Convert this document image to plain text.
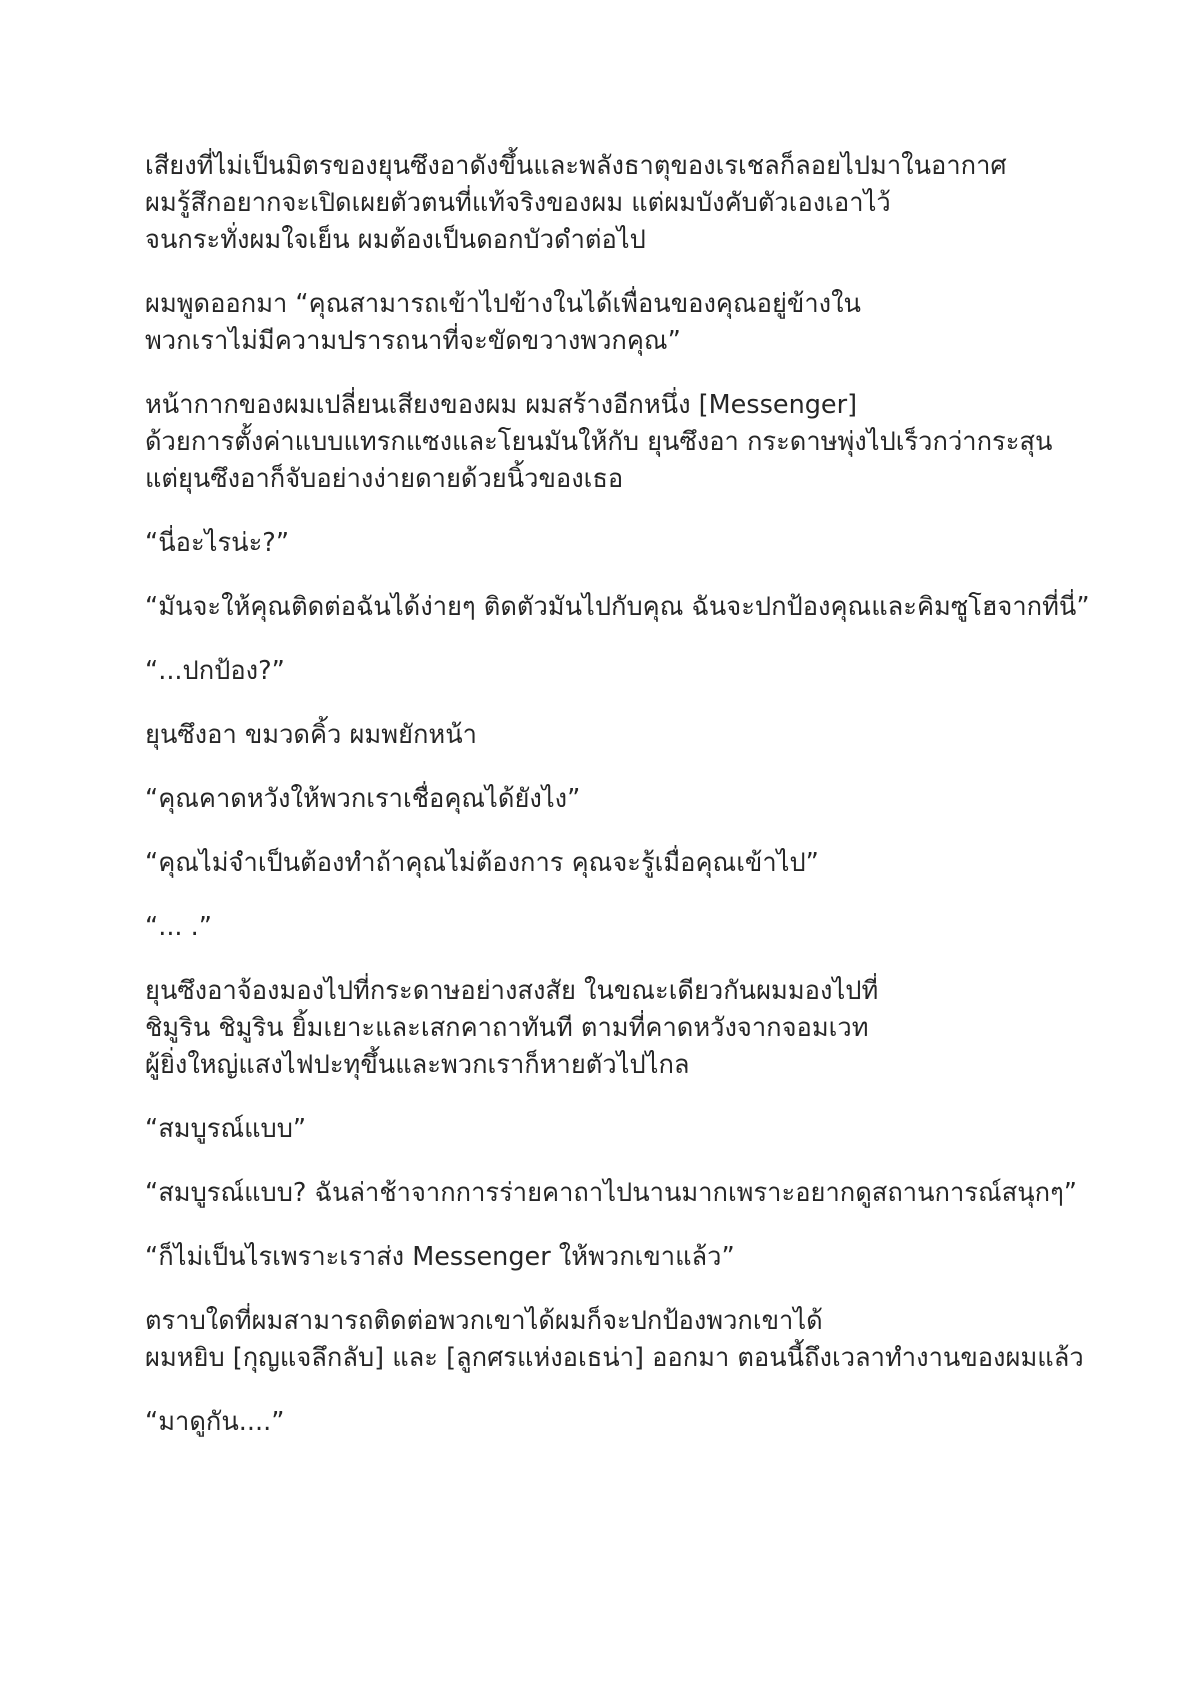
เสียงที่ไม่เป็นมิตรของยุนซึงอาดังขึ้นและพลังธาตุของเรเชลก็ลอยไปมาในอากาศ
ผมรู้สึกอยากจะเปิดเผยตัวตนที่แท้จริงของผม แต่ผมบังคับตัวเองเอาไว้
จนกระทั่งผมใจเย็น ผมต้องเป็นดอกบัวดำต่อไป

ผมพูดออกมา “คุณสามารถเข้าไปข้างในได้เพื่อนของคุณอยู่ข้างใน
พวกเราไม่มีความปรารถนาที่จะขัดขวางพวกคุณ”

หน้ากากของผมเปลี่ยนเสียงของผม ผมสร้างอีกหนึ่ง [Messenger]
ด้วยการตั้งค่าแบบแทรกแซงและโยนมันให้กับ ยุนซึงอา กระดาษพุ่งไปเร็วกว่ากระสุน
แต่ยุนซึงอาก็จับอย่างง่ายดายด้วยนิ้วของเธอ

“นี่อะไรน่ะ?”

“มันจะให้คุณติดต่อฉันได้ง่ายๆ ติดตัวมันไปกับคุณ ฉันจะปกป้องคุณและคิมซูโฮจากที่นี่”

“...ปกป้อง?”

ยุนซึงอา ขมวดคิ้ว ผมพยักหน้า

“คุณคาดหวังให้พวกเราเชื่อคุณได้ยังไง”

“คุณไม่จำเป็นต้องทำถ้าคุณไม่ต้องการ คุณจะรู้เมื่อคุณเข้าไป”

“... .”

ยุนซึงอาจ้องมองไปที่กระดาษอย่างสงสัย ในขณะเดียวกันผมมองไปที่
ชิมูริน ชิมูริน ยิ้มเยาะและเสกคาถาทันที ตามที่คาดหวังจากจอมเวท
ผู้ยิ่งใหญ่แสงไฟปะทุขึ้นและพวกเราก็หายตัวไปไกล

“สมบูรณ์แบบ”

“สมบูรณ์แบบ? ฉันล่าช้าจากการร่ายคาถาไปนานมากเพราะอยากดูสถานการณ์สนุกๆ”

“ก็ไม่เป็นไรเพราะเราส่ง Messenger ให้พวกเขาแล้ว”

ตราบใดที่ผมสามารถติดต่อพวกเขาได้ผมก็จะปกป้องพวกเขาได้
ผมหยิบ [กุญแจลึกลับ] และ [ลูกศรแห่งอเธน่า] ออกมา ตอนนี้ถึงเวลาทำงานของผมแล้ว

“มาดูกัน....”
